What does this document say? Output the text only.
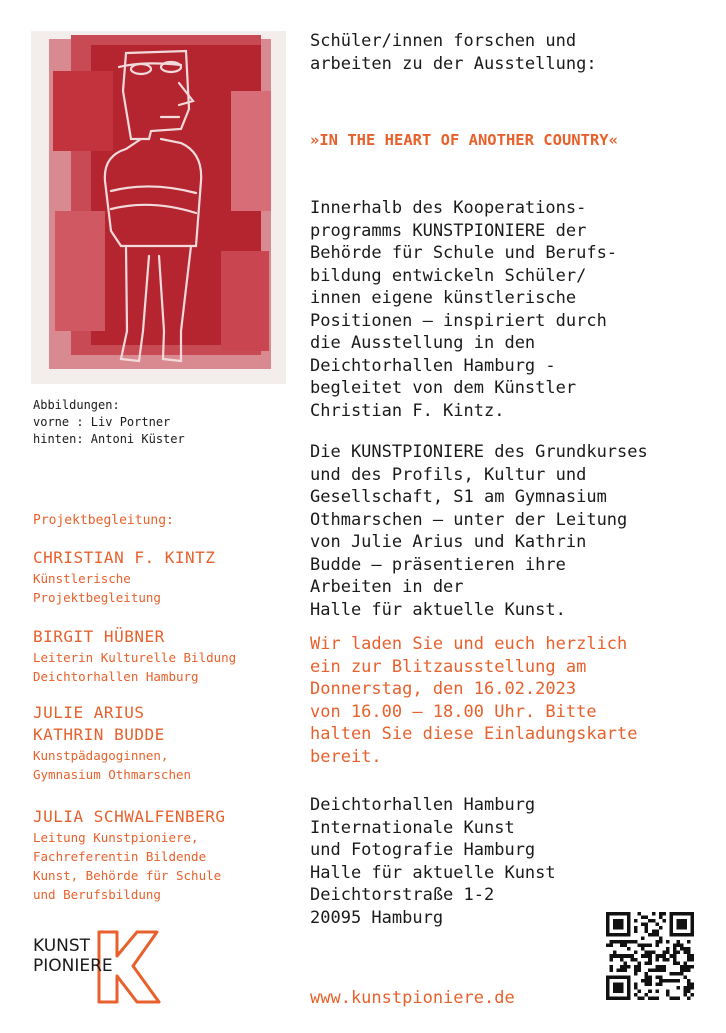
Abbildungen:
vorne : Liv Portner
hinten: Antoni Küster
Projektbegleitung:
CHRISTIAN F. KINTZ
Künstlerische
Projektbegleitung
BIRGIT HÜBNER
Leiterin Kulturelle Bildung
Deichtorhallen Hamburg
JULIE ARIUS
KATHRIN BUDDE
Kunstpädagoginnen,
Gymnasium Othmarschen
JULIA SCHWALFENBERG
Leitung Kunstpioniere,
Fachreferentin Bildende
Kunst, Behörde für Schule
und Berufsbildung
KUNST
PIONIERE
Schüler/innen forschen und
arbeiten zu der Ausstellung:
»IN THE HEART OF ANOTHER COUNTRY«
Innerhalb des Kooperations-
programms KUNSTPIONIERE der
Behörde für Schule und Berufs-
bildung entwickeln Schüler/
innen eigene künstlerische
Positionen – inspiriert durch
die Ausstellung in den
Deichtorhallen Hamburg -
begleitet von dem Künstler
Christian F. Kintz.
Die KUNSTPIONIERE des Grundkurses
und des Profils, Kultur und
Gesellschaft, S1 am Gymnasium
Othmarschen – unter der Leitung
von Julie Arius und Kathrin
Budde – präsentieren ihre
Arbeiten in der
Halle für aktuelle Kunst.
Wir laden Sie und euch herzlich
ein zur Blitzausstellung am
Donnerstag, den 16.02.2023
von 16.00 – 18.00 Uhr. Bitte
halten Sie diese Einladungskarte
bereit.
Deichtorhallen Hamburg
Internationale Kunst
und Fotografie Hamburg
Halle für aktuelle Kunst
Deichtorstraße 1-2
20095 Hamburg
www.kunstpioniere.de
